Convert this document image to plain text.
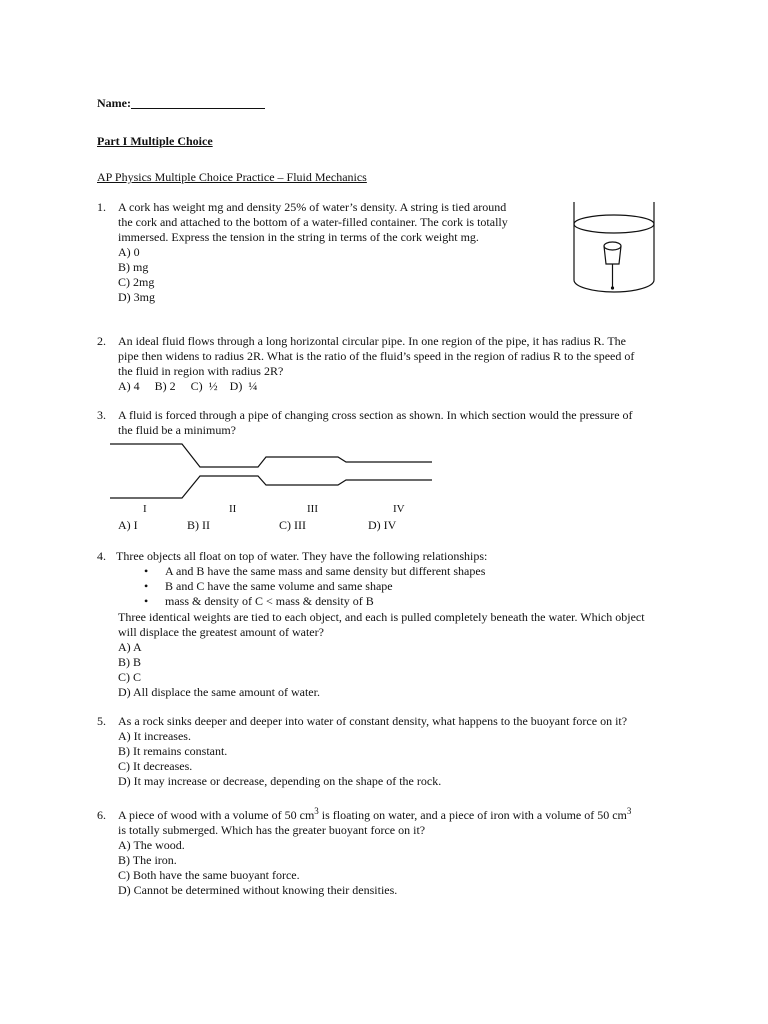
Name:
Part I Multiple Choice
AP Physics Multiple Choice Practice – Fluid Mechanics
1. A cork has weight mg and density 25% of water’s density. A string is tied around
the cork and attached to the bottom of a water-filled container. The cork is totally
immersed. Express the tension in the string in terms of the cork weight mg.
A) 0
B) mg
C) 2mg
D) 3mg
2. An ideal fluid flows through a long horizontal circular pipe. In one region of the pipe, it has radius R. The
pipe then widens to radius 2R. What is the ratio of the fluid’s speed in the region of radius R to the speed of
the fluid in region with radius 2R?
A) 4     B) 2     C)  ½    D)  ¼
3. A fluid is forced through a pipe of changing cross section as shown. In which section would the pressure of
the fluid be a minimum?
I	II	III	IV
A) I	B) II	C) III	D) IV
4. Three objects all float on top of water. They have the following relationships:
• A and B have the same mass and same density but different shapes
• B and C have the same volume and same shape
• mass & density of C < mass & density of B
Three identical weights are tied to each object, and each is pulled completely beneath the water. Which object
will displace the greatest amount of water?
A) A
B) B
C) C
D) All displace the same amount of water.
5. As a rock sinks deeper and deeper into water of constant density, what happens to the buoyant force on it?
A) It increases.
B) It remains constant.
C) It decreases.
D) It may increase or decrease, depending on the shape of the rock.
6. A piece of wood with a volume of 50 $cm^3$ is floating on water, and a piece of iron with a volume of 50 $cm^3$
is totally submerged. Which has the greater buoyant force on it?
A) The wood.
B) The iron.
C) Both have the same buoyant force.
D) Cannot be determined without knowing their densities.
